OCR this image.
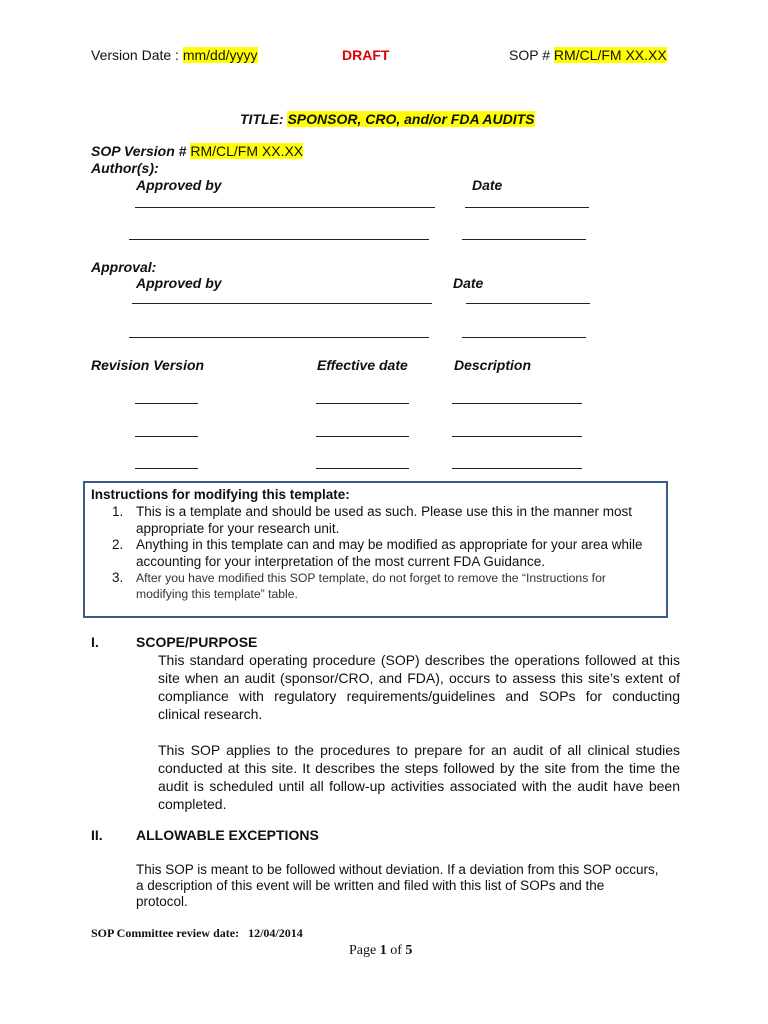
Version Date : mm/dd/yyyy	DRAFT	SOP # RM/CL/FM XX.XX
TITLE: SPONSOR, CRO, and/or FDA AUDITS
SOP Version # RM/CL/FM XX.XX
Author(s):
Approved by	Date
Approval:
Approved by	Date
Revision Version	Effective date	Description
Instructions for modifying this template:
1. This is a template and should be used as such. Please use this in the manner most
appropriate for your research unit.
2. Anything in this template can and may be modified as appropriate for your area while
accounting for your interpretation of the most current FDA Guidance.
3. After you have modified this SOP template, do not forget to remove the “Instructions for
modifying this template” table.
I.	SCOPE/PURPOSE
This standard operating procedure (SOP) describes the operations followed at this site when an audit (sponsor/CRO, and FDA), occurs to assess this site’s extent of compliance with regulatory requirements/guidelines and SOPs for conducting clinical research.
This SOP applies to the procedures to prepare for an audit of all clinical studies conducted at this site. It describes the steps followed by the site from the time the audit is scheduled until all follow-up activities associated with the audit have been completed.
II. ALLOWABLE EXCEPTIONS
This SOP is meant to be followed without deviation. If a deviation from this SOP occurs,
a description of this event will be written and filed with this list of SOPs and the
protocol.
SOP Committee review date: 12/04/2014
Page 1 of 5
